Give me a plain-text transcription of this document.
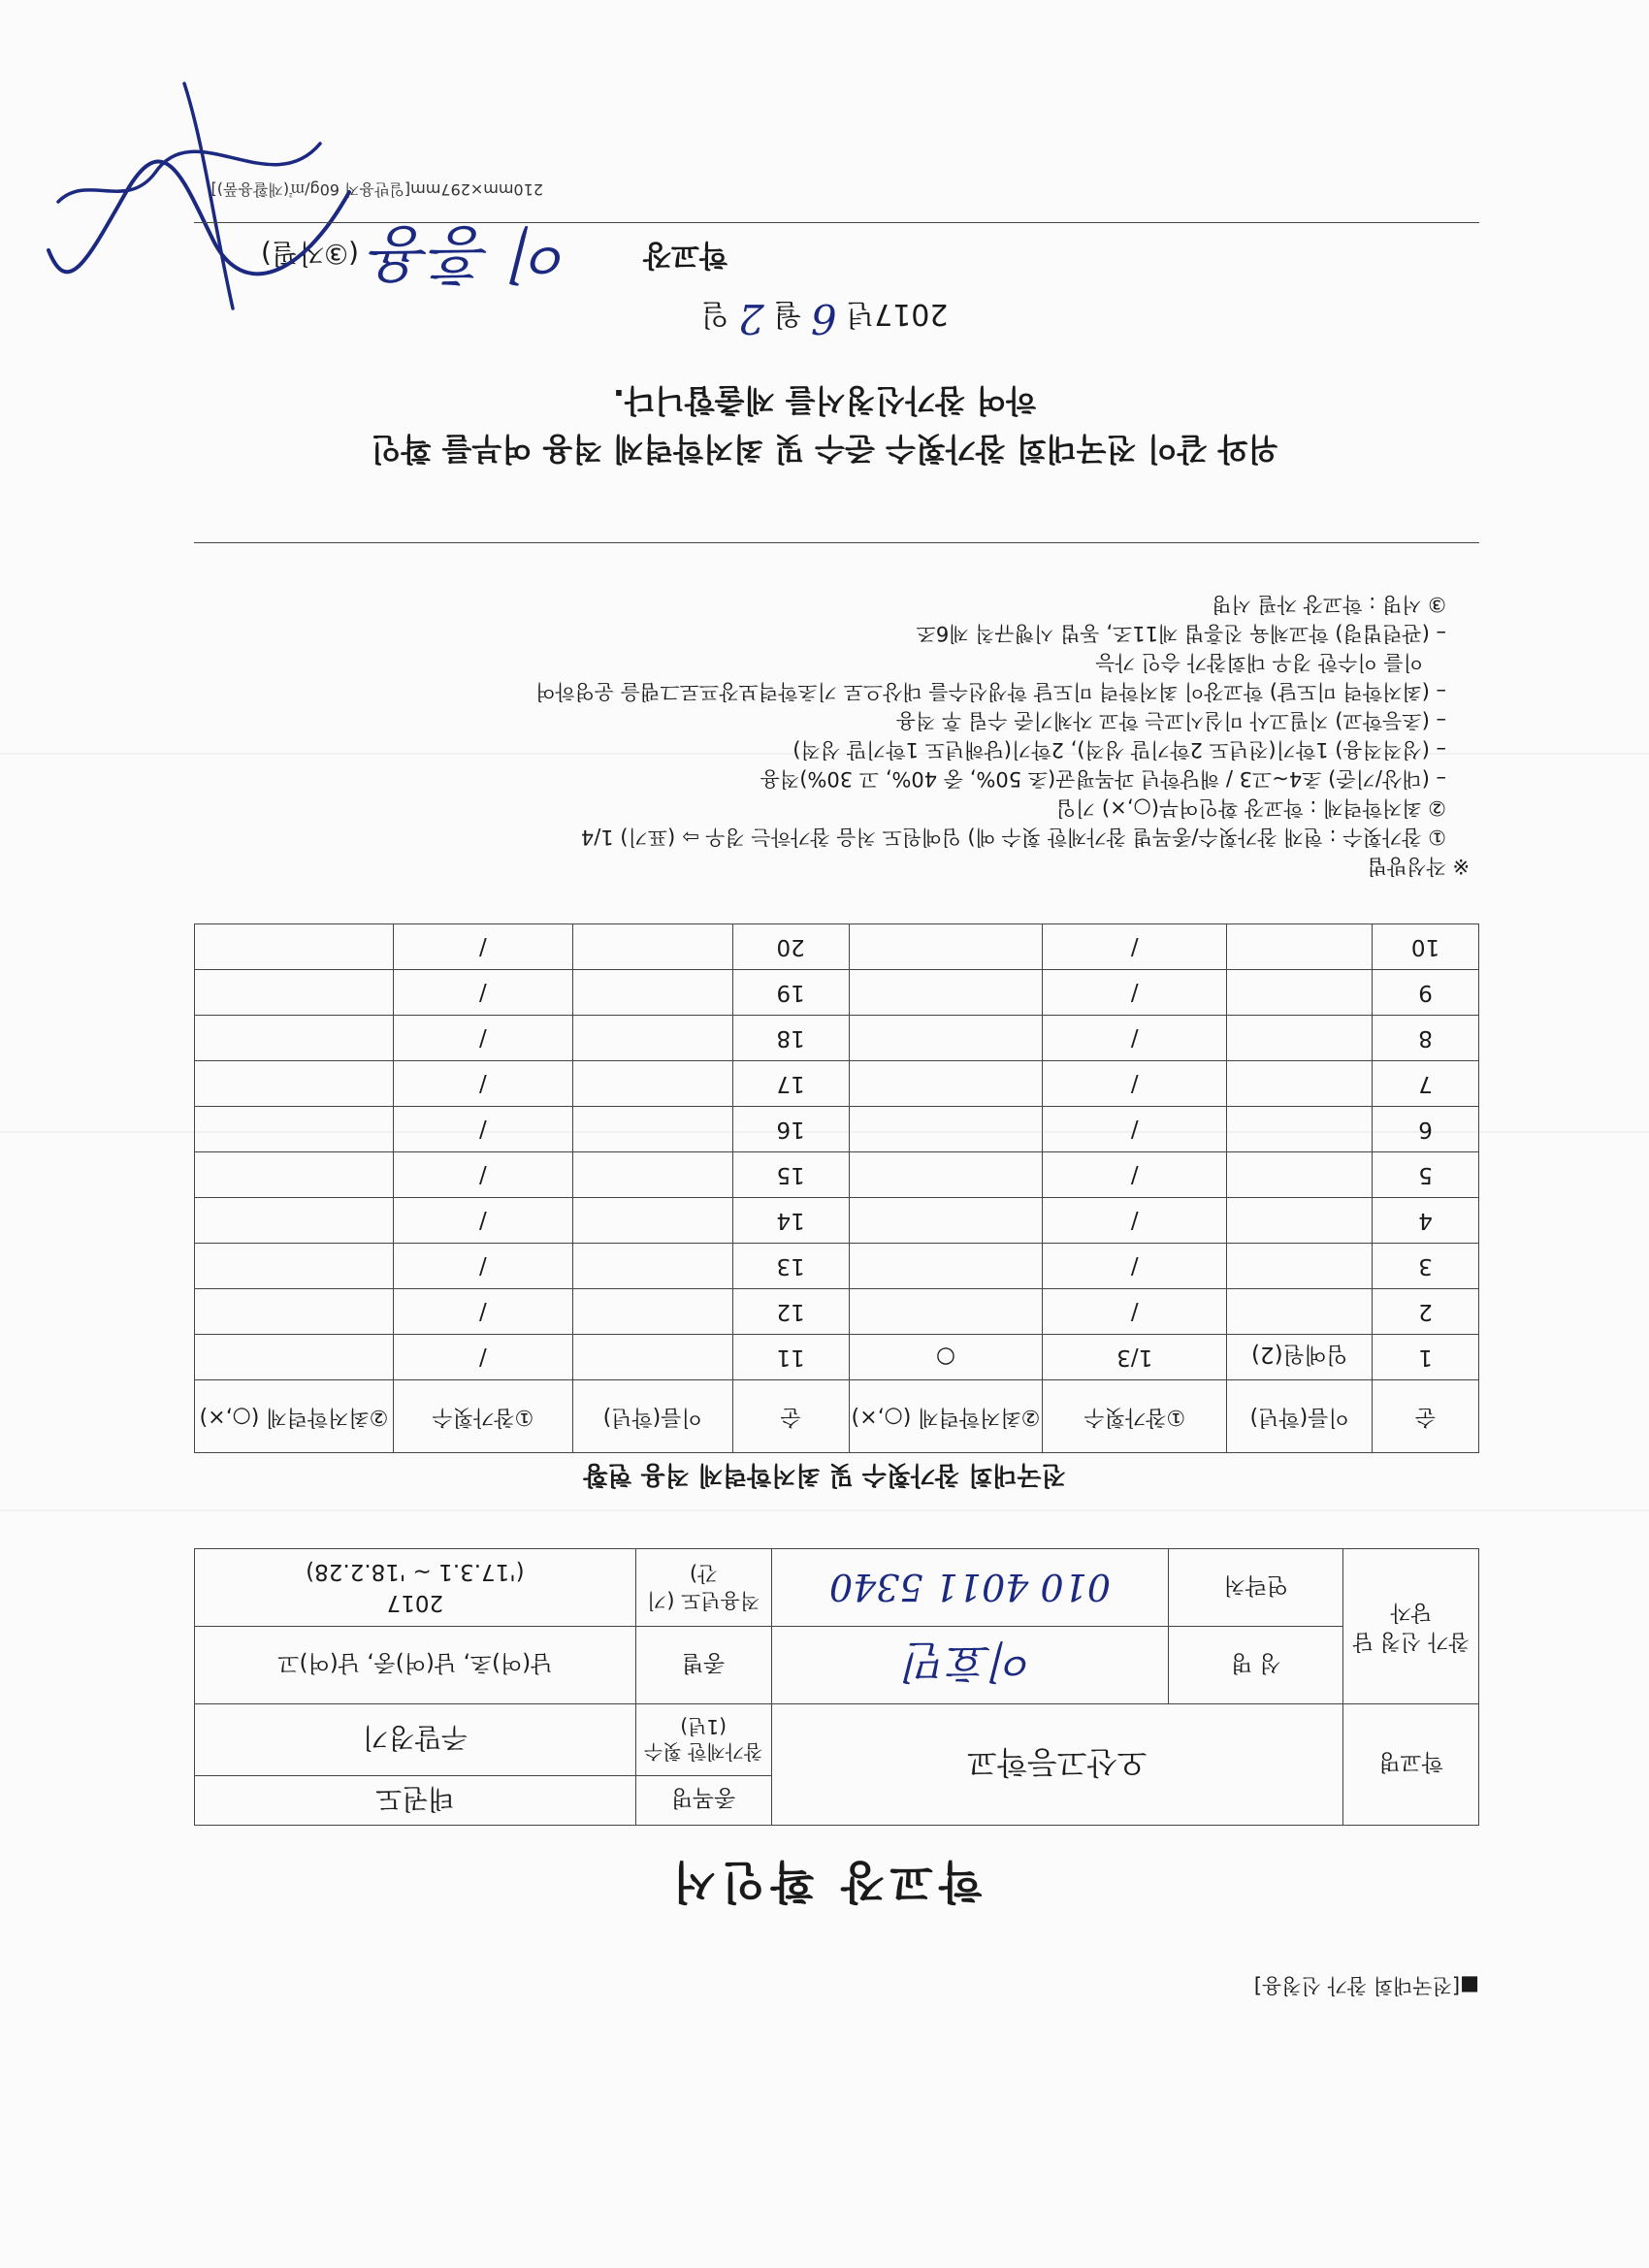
■[전국대회 참가 신청용]
학교장 확인서
학교명	오산고등학교		종목명	태권도
			참가제한 횟수(1년)	주말경기
참가 신청 담당자	성 명	이효민	종별	남(여)초, 남(여)중, 남(여)고
	연락처	010 4011 5340	적용년도 (기간)	2017
('17.3.1 ~ '18.2.28)
전국대회 참가횟수 및 최저학력제 적용 현황
순	이름(학년)	①참가횟수	②최저학력제 (○,×)	순	이름(학년)	①참가횟수	②최저학력제 (○,×)
1	임예원(2)	1/3	○	11		/	
2		/		12		/	
3		/		13		/	
4		/		14		/	
5		/		15		/	
6		/		16		/	
7		/		17		/	
8		/		18		/	
9		/		19		/	
10		/		20		/	
※ 작성방법
① 참가횟수 : 현재 참가횟수/종목별 참가제한 횟수 예) 임예원도 처음 참가하는 경우 ⇨ (표기) 1/4
② 최저학력제 : 학교장 확인여부(○,×) 기입
– (대상/기준) 초4~고3 / 해당학년 과목평균(초 50%, 중 40%, 고 30%)적용
– (성적적용) 1학기(전년도 2학기말 성적), 2학기(당해년도 1학기말 성적)
– (초등학교) 지필고사 미실시교는 학교 자체기준 수립 후 적용
– (최저학력 미도달) 학교장이 최저학력 미도달 학생선수를 대상으로 기초학력보장프로그램을 운영하여
이를 이수한 경우 대회참가 승인 가능
– (관련법령) 학교체육 진흥법 제11조, 동법 시행규칙 제6조
③ 서명 : 학교장 자필 서명
위와 같이 전국대회 참가횟수 준수 및 최저학력제 적용 여부를 확인
하여 참가신청서를 제출합니다.
2017년 6 월 2 일
학교장
이 흥용
(③자필)
210mm×297mm[일반용지 60g/㎡(재활용품)]
